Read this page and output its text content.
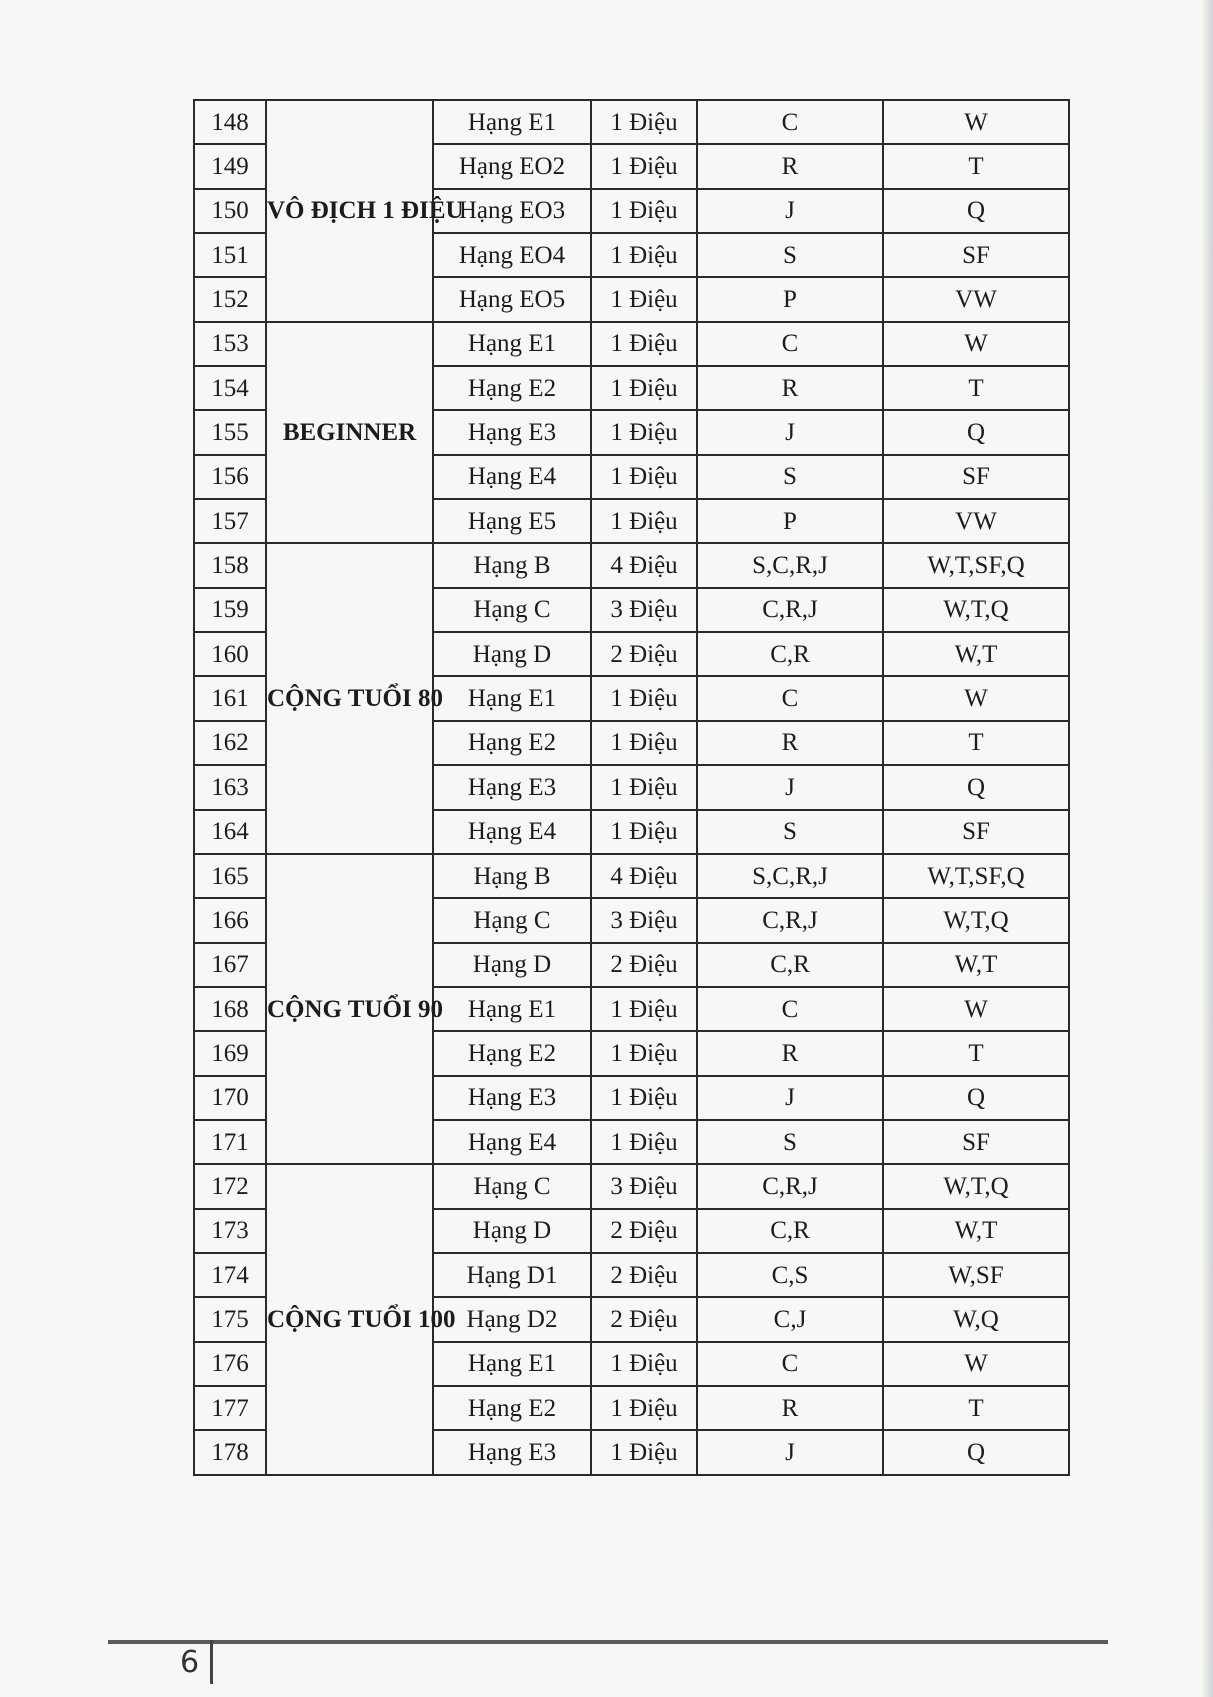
148	VÔ ĐỊCH 1 ĐIỆU	Hạng E1	1 Điệu	C	W
149		Hạng EO2	1 Điệu	R	T
150		Hạng EO3	1 Điệu	J	Q
151		Hạng EO4	1 Điệu	S	SF
152		Hạng EO5	1 Điệu	P	VW
153	BEGINNER	Hạng E1	1 Điệu	C	W
154		Hạng E2	1 Điệu	R	T
155		Hạng E3	1 Điệu	J	Q
156		Hạng E4	1 Điệu	S	SF
157		Hạng E5	1 Điệu	P	VW
158	CỘNG TUỔI 80	Hạng B	4 Điệu	S,C,R,J	W,T,SF,Q
159		Hạng C	3 Điệu	C,R,J	W,T,Q
160		Hạng D	2 Điệu	C,R	W,T
161		Hạng E1	1 Điệu	C	W
162		Hạng E2	1 Điệu	R	T
163		Hạng E3	1 Điệu	J	Q
164		Hạng E4	1 Điệu	S	SF
165	CỘNG TUỔI 90	Hạng B	4 Điệu	S,C,R,J	W,T,SF,Q
166		Hạng C	3 Điệu	C,R,J	W,T,Q
167		Hạng D	2 Điệu	C,R	W,T
168		Hạng E1	1 Điệu	C	W
169		Hạng E2	1 Điệu	R	T
170		Hạng E3	1 Điệu	J	Q
171		Hạng E4	1 Điệu	S	SF
172	CỘNG TUỔI 100	Hạng C	3 Điệu	C,R,J	W,T,Q
173		Hạng D	2 Điệu	C,R	W,T
174		Hạng D1	2 Điệu	C,S	W,SF
175		Hạng D2	2 Điệu	C,J	W,Q
176		Hạng E1	1 Điệu	C	W
177		Hạng E2	1 Điệu	R	T
178		Hạng E3	1 Điệu	J	Q
6
